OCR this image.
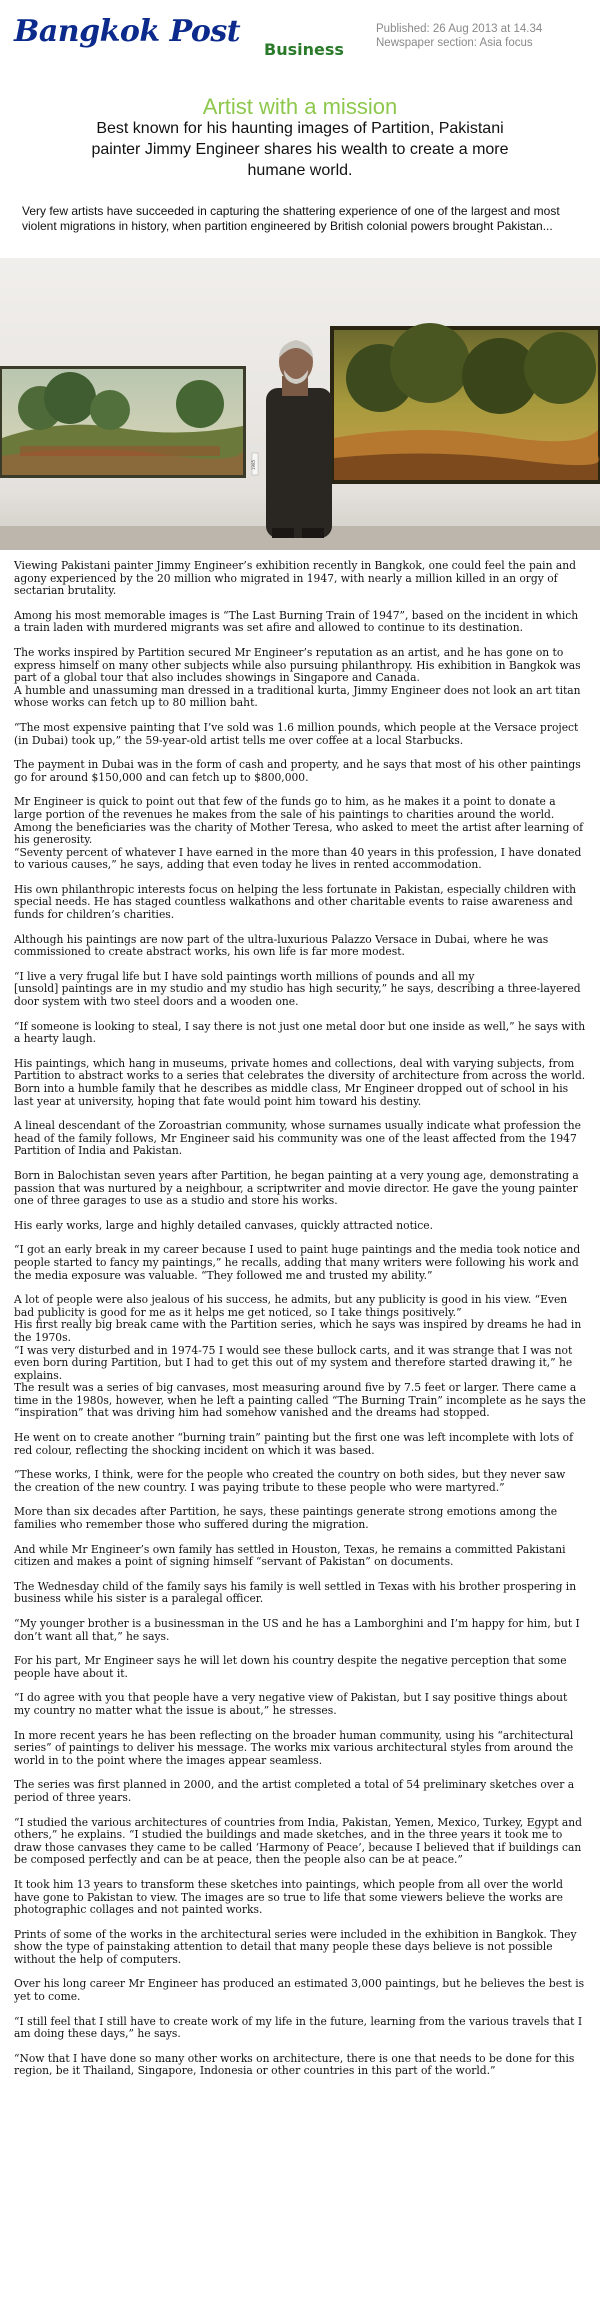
Bangkok Post
Business
Published: 26 Aug 2013 at 14.34
Newspaper section: Asia focus
Artist with a mission
Best known for his haunting images of Partition, Pakistani painter Jimmy Engineer shares his wealth to create a more humane world.
Very few artists have succeeded in capturing the shattering experience of one of the largest and most violent migrations in history, when partition engineered by British colonial powers brought Pakistan...
1985

Viewing Pakistani painter Jimmy Engineer’s exhibition recently in Bangkok, one could feel the pain and agony experienced by the 20 million who migrated in 1947, with nearly a million killed in an orgy of sectarian brutality.

Among his most memorable images is “The Last Burning Train of 1947”, based on the incident in which a train laden with murdered migrants was set afire and allowed to continue to its destination.

The works inspired by Partition secured Mr Engineer’s reputation as an artist, and he has gone on to express himself on many other subjects while also pursuing philanthropy. His exhibition in Bangkok was part of a global tour that also includes showings in Singapore and Canada.
A humble and unassuming man dressed in a traditional kurta, Jimmy Engineer does not look an art titan whose works can fetch up to 80 million baht.

“The most expensive painting that I’ve sold was 1.6 million pounds, which people at the Versace project (in Dubai) took up,” the 59-year-old artist tells me over coffee at a local Starbucks.

The payment in Dubai was in the form of cash and property, and he says that most of his other paintings go for around $150,000 and can fetch up to $800,000.

Mr Engineer is quick to point out that few of the funds go to him, as he makes it a point to donate a large portion of the revenues he makes from the sale of his paintings to charities around the world. Among the beneficiaries was the charity of Mother Teresa, who asked to meet the artist after learning of his generosity.
“Seventy percent of whatever I have earned in the more than 40 years in this profession, I have donated to various causes,” he says, adding that even today he lives in rented accommodation.

His own philanthropic interests focus on helping the less fortunate in Pakistan, especially children with special needs. He has staged countless walkathons and other charitable events to raise awareness and funds for children’s charities.

Although his paintings are now part of the ultra-luxurious Palazzo Versace in Dubai, where he was commissioned to create abstract works, his own life is far more modest.

“I live a very frugal life but I have sold paintings worth millions of pounds and all my
[unsold] paintings are in my studio and my studio has high security,” he says, describing a three-layered door system with two steel doors and a wooden one.

“If someone is looking to steal, I say there is not just one metal door but one inside as well,” he says with a hearty laugh.

His paintings, which hang in museums, private homes and collections, deal with varying subjects, from Partition to abstract works to a series that celebrates the diversity of architecture from across the world.
Born into a humble family that he describes as middle class, Mr Engineer dropped out of school in his last year at university, hoping that fate would point him toward his destiny.

A lineal descendant of the Zoroastrian community, whose surnames usually indicate what profession the head of the family follows, Mr Engineer said his community was one of the least affected from the 1947 Partition of India and Pakistan.

Born in Balochistan seven years after Partition, he began painting at a very young age, demonstrating a passion that was nurtured by a neighbour, a scriptwriter and movie director. He gave the young painter one of three garages to use as a studio and store his works.

His early works, large and highly detailed canvases, quickly attracted notice.

“I got an early break in my career because I used to paint huge paintings and the media took notice and people started to fancy my paintings,” he recalls, adding that many writers were following his work and the media exposure was valuable. “They followed me and trusted my ability.”

A lot of people were also jealous of his success, he admits, but any publicity is good in his view. “Even bad publicity is good for me as it helps me get noticed, so I take things positively.”
His first really big break came with the Partition series, which he says was inspired by dreams he had in the 1970s.
“I was very disturbed and in 1974-75 I would see these bullock carts, and it was strange that I was not even born during Partition, but I had to get this out of my system and therefore started drawing it,” he explains.
The result was a series of big canvases, most measuring around five by 7.5 feet or larger. There came a time in the 1980s, however, when he left a painting called “The Burning Train” incomplete as he says the “inspiration” that was driving him had somehow vanished and the dreams had stopped.

He went on to create another “burning train” painting but the first one was left incomplete with lots of red colour, reflecting the shocking incident on which it was based.

“These works, I think, were for the people who created the country on both sides, but they never saw the creation of the new country. I was paying tribute to these people who were martyred.”

More than six decades after Partition, he says, these paintings generate strong emotions among the families who remember those who suffered during the migration.

And while Mr Engineer’s own family has settled in Houston, Texas, he remains a committed Pakistani citizen and makes a point of signing himself “servant of Pakistan” on documents.

The Wednesday child of the family says his family is well settled in Texas with his brother prospering in business while his sister is a paralegal officer.

“My younger brother is a businessman in the US and he has a Lamborghini and I’m happy for him, but I don’t want all that,” he says.

For his part, Mr Engineer says he will let down his country despite the negative perception that some people have about it.

“I do agree with you that people have a very negative view of Pakistan, but I say positive things about my country no matter what the issue is about,” he stresses.

In more recent years he has been reflecting on the broader human community, using his “architectural series” of paintings to deliver his message. The works mix various architectural styles from around the world in to the point where the images appear seamless.

The series was first planned in 2000, and the artist completed a total of 54 preliminary sketches over a period of three years.

“I studied the various architectures of countries from India, Pakistan, Yemen, Mexico, Turkey, Egypt and others,” he explains. “I studied the buildings and made sketches, and in the three years it took me to draw those canvases they came to be called ‘Harmony of Peace’, because I believed that if buildings can be composed perfectly and can be at peace, then the people also can be at peace.”

It took him 13 years to transform these sketches into paintings, which people from all over the world have gone to Pakistan to view. The images are so true to life that some viewers believe the works are photographic collages and not painted works.

Prints of some of the works in the architectural series were included in the exhibition in Bangkok. They show the type of painstaking attention to detail that many people these days believe is not possible without the help of computers.

Over his long career Mr Engineer has produced an estimated 3,000 paintings, but he believes the best is yet to come.

“I still feel that I still have to create work of my life in the future, learning from the various travels that I am doing these days,” he says.

“Now that I have done so many other works on architecture, there is one that needs to be done for this region, be it Thailand, Singapore, Indonesia or other countries in this part of the world.”
